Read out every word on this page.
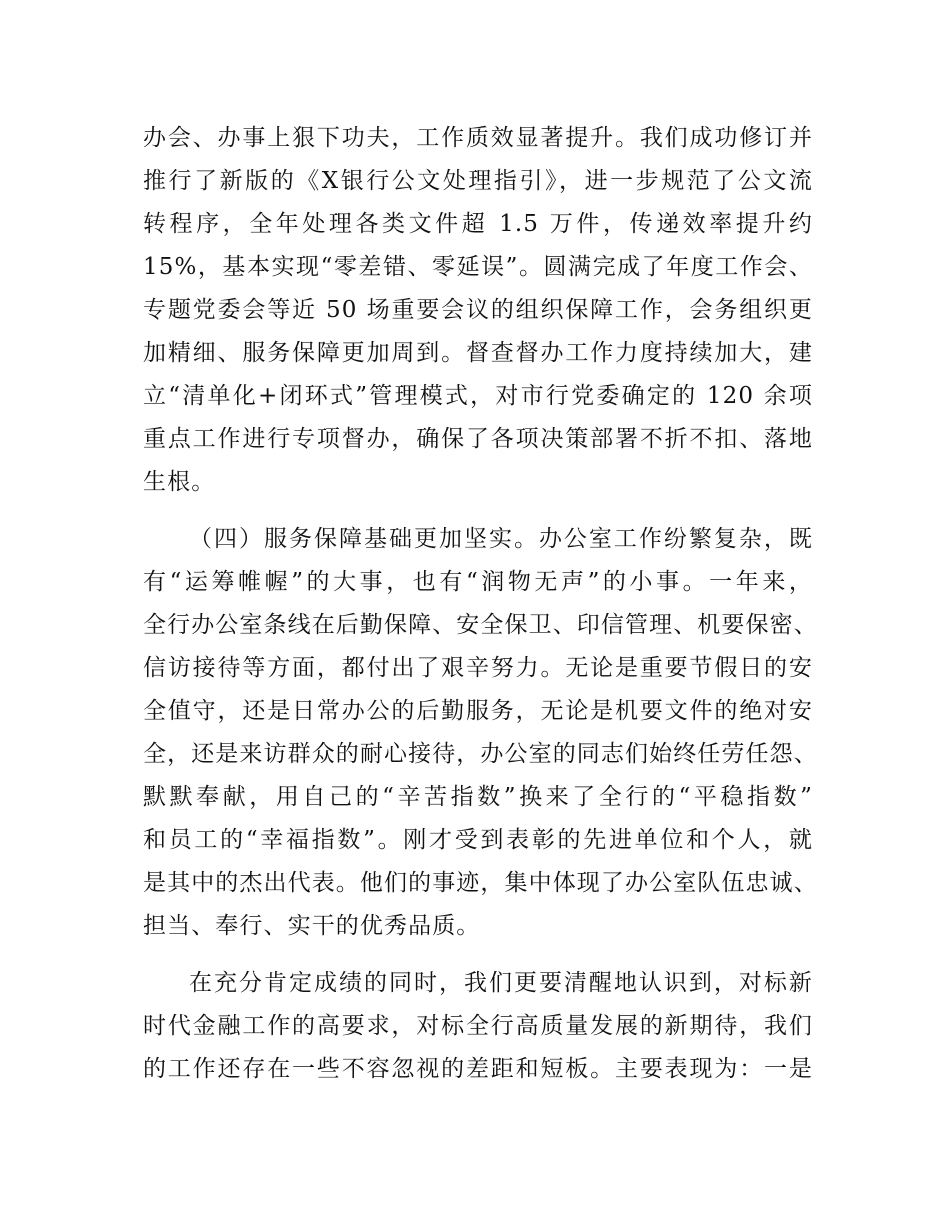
办会、办事上狠下功夫，工作质效显著提升。我们成功修订并
推行了新版的《X银行公文处理指引》，进一步规范了公文流
转程序，全年处理各类文件超 1.5 万件，传递效率提升约
15%，基本实现“零差错、零延误”。圆满完成了年度工作会、
专题党委会等近 50 场重要会议的组织保障工作，会务组织更
加精细、服务保障更加周到。督查督办工作力度持续加大，建
立“清单化+闭环式”管理模式，对市行党委确定的 120 余项
重点工作进行专项督办，确保了各项决策部署不折不扣、落地
生根。
（四）服务保障基础更加坚实。办公室工作纷繁复杂，既
有“运筹帷幄”的大事，也有“润物无声”的小事。一年来，
全行办公室条线在后勤保障、安全保卫、印信管理、机要保密、
信访接待等方面，都付出了艰辛努力。无论是重要节假日的安
全值守，还是日常办公的后勤服务，无论是机要文件的绝对安
全，还是来访群众的耐心接待，办公室的同志们始终任劳任怨、
默默奉献，用自己的“辛苦指数”换来了全行的“平稳指数”
和员工的“幸福指数”。刚才受到表彰的先进单位和个人，就
是其中的杰出代表。他们的事迹，集中体现了办公室队伍忠诚、
担当、奉行、实干的优秀品质。
在充分肯定成绩的同时，我们更要清醒地认识到，对标新
时代金融工作的高要求，对标全行高质量发展的新期待，我们
的工作还存在一些不容忽视的差距和短板。主要表现为：一是
